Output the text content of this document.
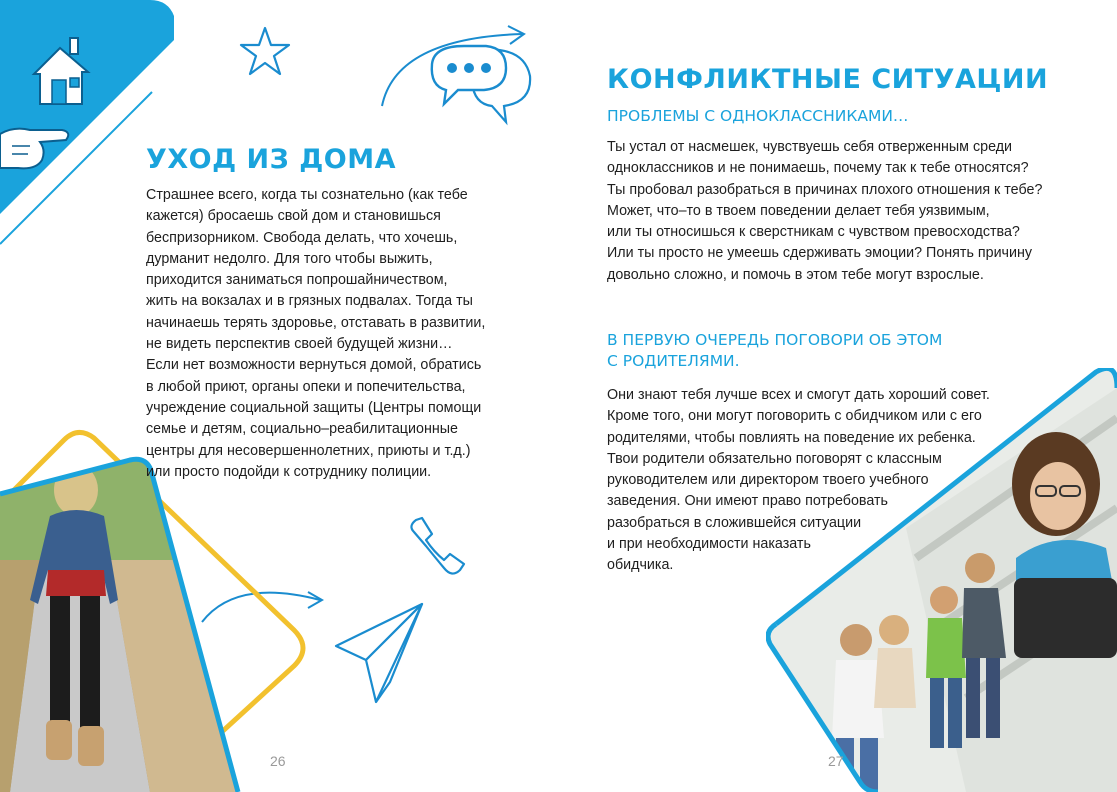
УХОД ИЗ ДОМА
Страшнее всего, когда ты сознательно (как тебе
кажется) бросаешь свой дом и становишься
беспризорником. Свобода делать, что хочешь,
дурманит недолго. Для того чтобы выжить,
приходится заниматься попрошайничеством,
жить на вокзалах и в грязных подвалах. Тогда ты
начинаешь терять здоровье, отставать в развитии,
не видеть перспектив своей будущей жизни…
Если нет возможности вернуться домой, обратись
в любой приют, органы опеки и попечительства,
учреждение социальной защиты (Центры помощи
семье и детям, социально–реабилитационные
центры для несовершеннолетних, приюты и т.д.)
или просто подойди к сотруднику полиции.
26
КОНФЛИКТНЫЕ СИТУАЦИИ
ПРОБЛЕМЫ С ОДНОКЛАССНИКАМИ…
Ты устал от насмешек, чувствуешь себя отверженным среди
одноклассников и не понимаешь, почему так к тебе относятся?
Ты пробовал разобраться в причинах плохого отношения к тебе?
Может, что–то в твоем поведении делает тебя уязвимым,
или ты относишься к сверстникам с чувством превосходства?
Или ты просто не умеешь сдерживать эмоции? Понять причину
довольно сложно, и помочь в этом тебе могут взрослые.
В ПЕРВУЮ ОЧЕРЕДЬ ПОГОВОРИ ОБ ЭТОМ
С РОДИТЕЛЯМИ.
Они знают тебя лучше всех и смогут дать хороший совет.
Кроме того, они могут поговорить с обидчиком или с его
родителями, чтобы повлиять на поведение их ребенка.
Твои родители обязательно поговорят с классным
руководителем или директором твоего учебного
заведения. Они имеют право потребовать
разобраться в сложившейся ситуации
и при необходимости наказать
обидчика.
27
